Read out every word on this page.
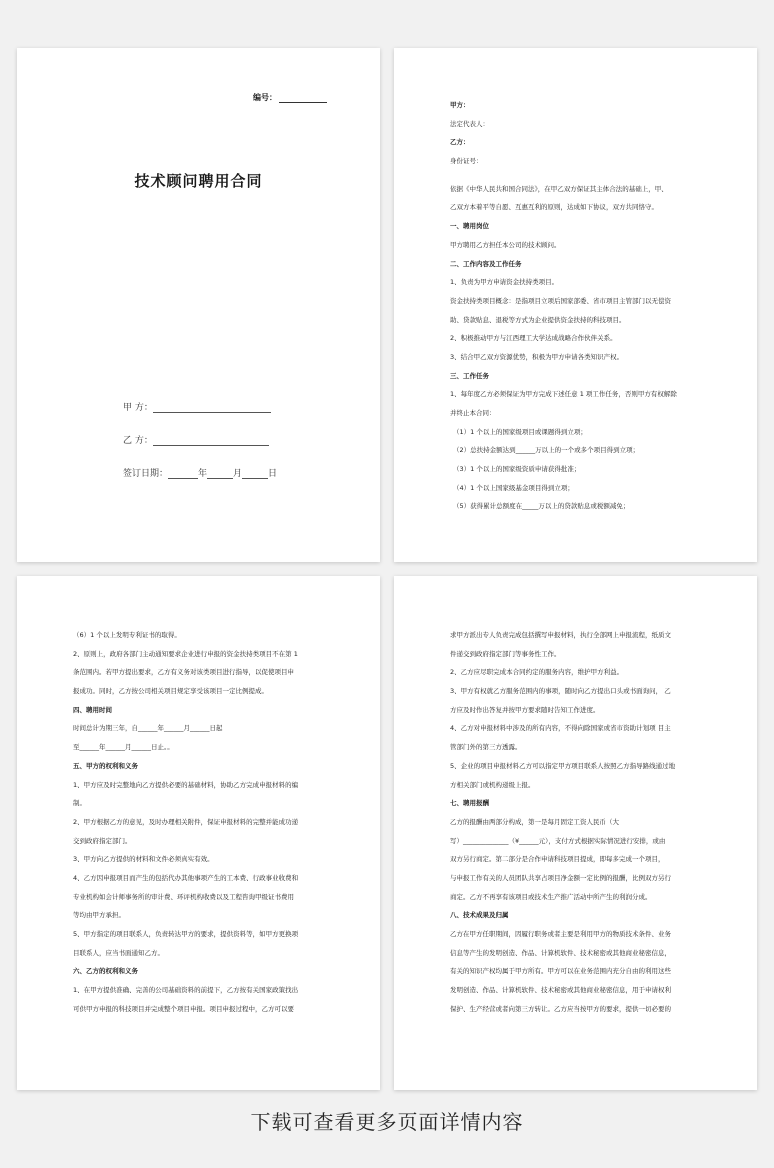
编号：
技术顾问聘用合同
甲 方：
乙 方：
签订日期：	年	月	日
甲方：
法定代表人：
乙方：
身份证号：
依据《中华人民共和国合同法》，在甲乙双方保证其主体合法的基础上，甲、
乙双方本着平等自愿、互惠互利的原则，达成如下协议，双方共同恪守。
一、聘用岗位
甲方聘用乙方担任本公司的技术顾问。
二、工作内容及工作任务
1、负责为甲方申请资金扶持类项目。
资金扶持类项目概念：是指项目立项后国家部委、省市项目主管部门以无偿资
助、贷款贴息、退税等方式为企业提供资金扶持的科技项目。
2、积极推动甲方与江西理工大学达成战略合作伙伴关系。
3、结合甲乙双方资源优势，积极为甲方申请各类知识产权。
三、工作任务
1、每年度乙方必须保证为甲方完成下述任意 1 项工作任务，否则甲方有权解除
并终止本合同：
（1）1 个以上的国家级项目或课题得到立项；
（2）总扶持金额达到______万以上的一个或多个项目得到立项；
（3）1 个以上的国家级资质申请获得批准；
（4）1 个以上国家级基金项目得到立项；
（5）获得累计总额度在_____万以上的贷款贴息或税额减免；
（6）1 个以上发明专利证书的取得。
2、原则上，政府各部门主动通知要求企业进行申报的资金扶持类项目不在第 1
条范围内。若甲方提出要求，乙方有义务对该类项目进行指导，以促使项目申
报成功。同时，乙方按公司相关项目规定享受该项目一定比例提成。
四、聘用时间
时间总计为期三年，自______年______月______日起
至______年______月______日止。。
五、甲方的权利和义务
1、甲方应及时完整地向乙方提供必要的基础材料，协助乙方完成申报材料的编
制。
2、甲方根据乙方的意见，及时办理相关附件，保证申报材料的完整并能成功递
交到政府指定部门。
3、甲方向乙方提供的材料和文件必须真实有效。
4、乙方因申报项目而产生的包括代办其他事项产生的工本费、行政事业收费和
专业机构如会计师事务所的审计费、环评机构收费以及工程咨询甲级证书费用
等均由甲方承担。
5、甲方指定的项目联系人，负责转达甲方的要求，提供资料等，如甲方更换项
目联系人，应当书面通知乙方。
六、乙方的权利和义务
1、在甲方提供准确、完善的公司基础资料的前提下，乙方按有关国家政策找出
可供甲方申报的科技项目并完成整个项目申报。项目申报过程中，乙方可以要
求甲方派出专人负责完成包括撰写申报材料，执行全部网上申报流程，纸质文
件递交到政府指定部门等事务性工作。
2、乙方应尽职完成本合同约定的服务内容，维护甲方利益。
3、甲方有权就乙方服务范围内的事项，随时向乙方提出口头或书面询问， 乙
方应及时作出答复并按甲方要求随时告知工作进度。
4、乙方对申报材料中涉及的所有内容，不得向除国家或省市资助计划项 目主
管部门外的第三方透露。
5、企业的项目申报材料乙方可以指定甲方项目联系人按照乙方指导路线通过地
方相关部门或机构递级上报。
七、聘用报酬
乙方的报酬由两部分构成，第一是每月固定工资人民币（大
写）______________（¥______元），支付方式根据实际情况进行安排，或由
双方另行商定。第二部分是合作申请科技项目提成，即每多完成一个项目，
与申报工作有关的人员团队共享占项目净金额一定比例的报酬，比例双方另行
商定。乙方不再享有该项目或技术生产推广活动中所产生的利润分成。
八、技术成果及归属
乙方在甲方任职期间，因履行职务或者主要是利用甲方的物质技术条件、业务
信息等产生的发明创造、作品、计算机软件、技术秘密或其他商业秘密信息，
有关的知识产权均属于甲方所有。甲方可以在业务范围内充分自由的利用这些
发明创造、作品、计算机软件、技术秘密或其他商业秘密信息，用于申请权利
保护、生产经营或者向第三方转让。乙方应当按甲方的要求，提供一切必要的
下载可查看更多页面详情内容
